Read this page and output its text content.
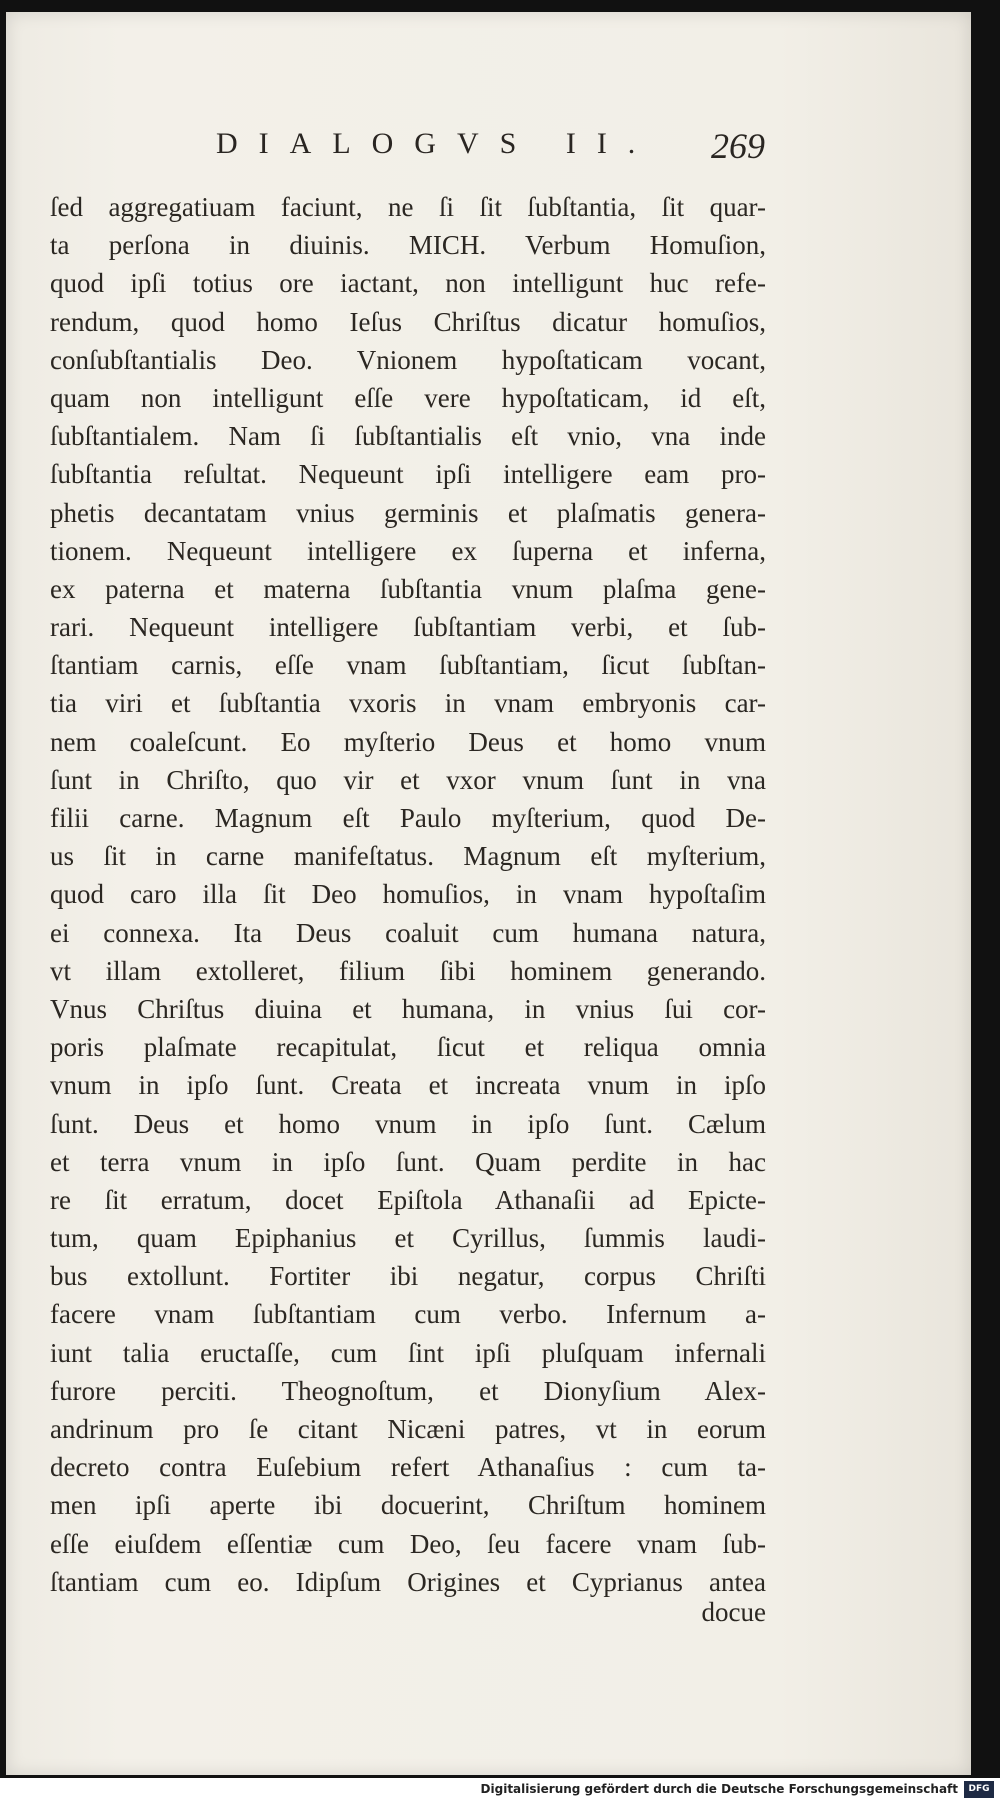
DIALOGVS II. 269
ſed aggregatiuam faciunt, ne ſi ſit ſubſtantia, ſit quar-
ta perſona in diuinis. MICH. Verbum Homuſion,
quod ipſi totius ore iactant, non intelligunt huc refe-
rendum, quod homo Ieſus Chriſtus dicatur homuſios,
conſubſtantialis Deo. Vnionem hypoſtaticam vocant,
quam non intelligunt eſſe vere hypoſtaticam, id eſt,
ſubſtantialem. Nam ſi ſubſtantialis eſt vnio, vna inde
ſubſtantia reſultat. Nequeunt ipſi intelligere eam pro-
phetis decantatam vnius germinis et plaſmatis genera-
tionem. Nequeunt intelligere ex ſuperna et inferna,
ex paterna et materna ſubſtantia vnum plaſma gene-
rari. Nequeunt intelligere ſubſtantiam verbi, et ſub-
ſtantiam carnis, eſſe vnam ſubſtantiam, ſicut ſubſtan-
tia viri et ſubſtantia vxoris in vnam embryonis car-
nem coaleſcunt. Eo myſterio Deus et homo vnum
ſunt in Chriſto, quo vir et vxor vnum ſunt in vna
filii carne. Magnum eſt Paulo myſterium, quod De-
us ſit in carne manifeſtatus. Magnum eſt myſterium,
quod caro illa ſit Deo homuſios, in vnam hypoſtaſim
ei connexa. Ita Deus coaluit cum humana natura,
vt illam extolleret, filium ſibi hominem generando.
Vnus Chriſtus diuina et humana, in vnius ſui cor-
poris plaſmate recapitulat, ſicut et reliqua omnia
vnum in ipſo ſunt. Creata et increata vnum in ipſo
ſunt. Deus et homo vnum in ipſo ſunt. Cælum
et terra vnum in ipſo ſunt. Quam perdite in hac
re ſit erratum, docet Epiſtola Athanaſii ad Epicte-
tum, quam Epiphanius et Cyrillus, ſummis laudi-
bus extollunt. Fortiter ibi negatur, corpus Chriſti
facere vnam ſubſtantiam cum verbo. Infernum a-
iunt talia eructaſſe, cum ſint ipſi pluſquam infernali
furore perciti. Theognoſtum, et Dionyſium Alex-
andrinum pro ſe citant Nicæni patres, vt in eorum
decreto contra Euſebium refert Athanaſius : cum ta-
men ipſi aperte ibi docuerint, Chriſtum hominem
eſſe eiuſdem eſſentiæ cum Deo, ſeu facere vnam ſub-
ſtantiam cum eo. Idipſum Origines et Cyprianus antea
docue
Digitalisierung gefördert durch die Deutsche Forschungsgemeinschaft	DFG
